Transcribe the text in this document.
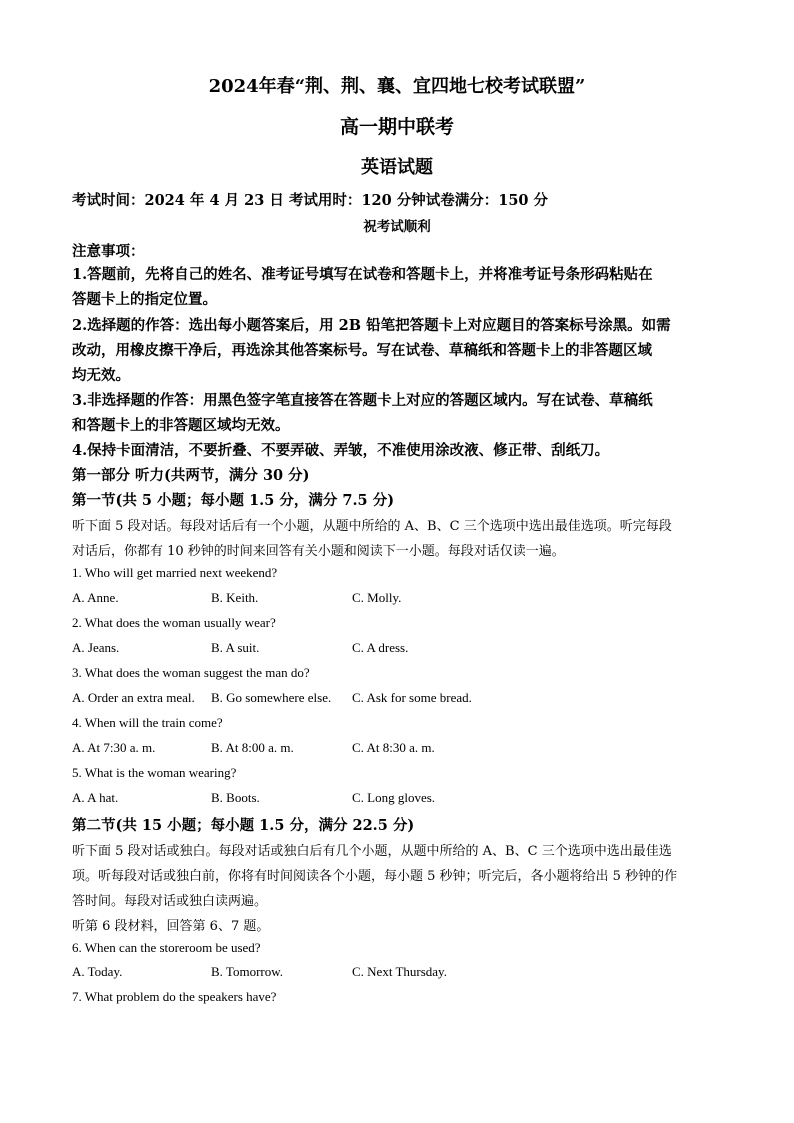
2024年春“荆、荆、襄、宜四地七校考试联盟”
高一期中联考
英语试题
考试时间：2024 年 4 月 23 日 考试用时：120 分钟试卷满分：150 分
祝考试顺利
注意事项：
1.答题前，先将自己的姓名、准考证号填写在试卷和答题卡上，并将准考证号条形码粘贴在
答题卡上的指定位置。
2.选择题的作答：选出每小题答案后，用 2B 铅笔把答题卡上对应题目的答案标号涂黑。如需
改动，用橡皮擦干净后，再选涂其他答案标号。写在试卷、草稿纸和答题卡上的非答题区域
均无效。
3.非选择题的作答：用黑色签字笔直接答在答题卡上对应的答题区域内。写在试卷、草稿纸
和答题卡上的非答题区域均无效。
4.保持卡面清洁，不要折叠、不要弄破、弄皱，不准使用涂改液、修正带、刮纸刀。
第一部分 听力(共两节，满分 30 分)
第一节(共 5 小题；每小题 1.5 分，满分 7.5 分)
听下面 5 段对话。每段对话后有一个小题，从题中所给的 A、B、C 三个选项中选出最佳选项。听完每段
对话后，你都有 10 秒钟的时间来回答有关小题和阅读下一小题。每段对话仅读一遍。
1. Who will get married next weekend?
A. Anne.	B. Keith.	C. Molly.
2. What does the woman usually wear?
A. Jeans.	B. A suit.	C. A dress.
3. What does the woman suggest the man do?
A. Order an extra meal. B. Go somewhere else. C. Ask for some bread.
4. When will the train come?
A. At 7:30 a. m.	B. At 8:00 a. m.	C. At 8:30 a. m.
5. What is the woman wearing?
A. A hat.	B. Boots.	C. Long gloves.
第二节(共 15 小题；每小题 1.5 分，满分 22.5 分)
听下面 5 段对话或独白。每段对话或独白后有几个小题，从题中所给的 A、B、C 三个选项中选出最佳选
项。听每段对话或独白前，你将有时间阅读各个小题，每小题 5 秒钟；听完后，各小题将给出 5 秒钟的作
答时间。每段对话或独白读两遍。
听第 6 段材料，回答第 6、7 题。
6. When can the storeroom be used?
A. Today.	B. Tomorrow.	C. Next Thursday.
7. What problem do the speakers have?
